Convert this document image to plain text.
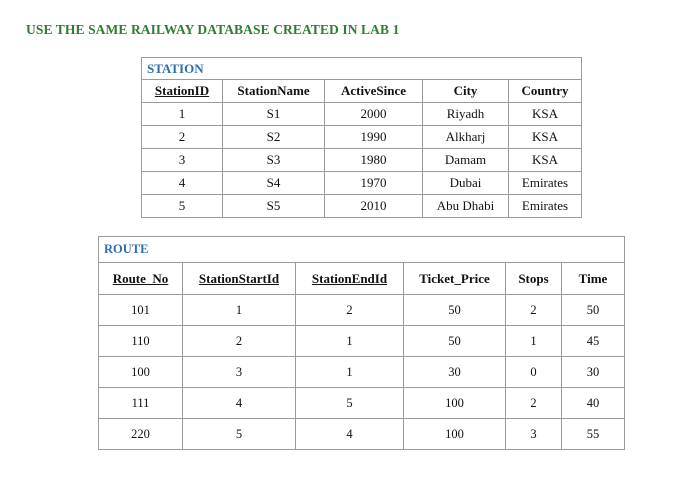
USE THE SAME RAILWAY DATABASE CREATED IN LAB 1
STATION				
StationID	StationName	ActiveSince	City	Country
1	S1	2000	Riyadh	KSA
2	S2	1990	Alkharj	KSA
3	S3	1980	Damam	KSA
4	S4	1970	Dubai	Emirates
5	S5	2010	Abu Dhabi	Emirates
ROUTE					
Route_No	StationStartId	StationEndId	Ticket_Price	Stops	Time
101	1	2	50	2	50
110	2	1	50	1	45
100	3	1	30	0	30
111	4	5	100	2	40
220	5	4	100	3	55
